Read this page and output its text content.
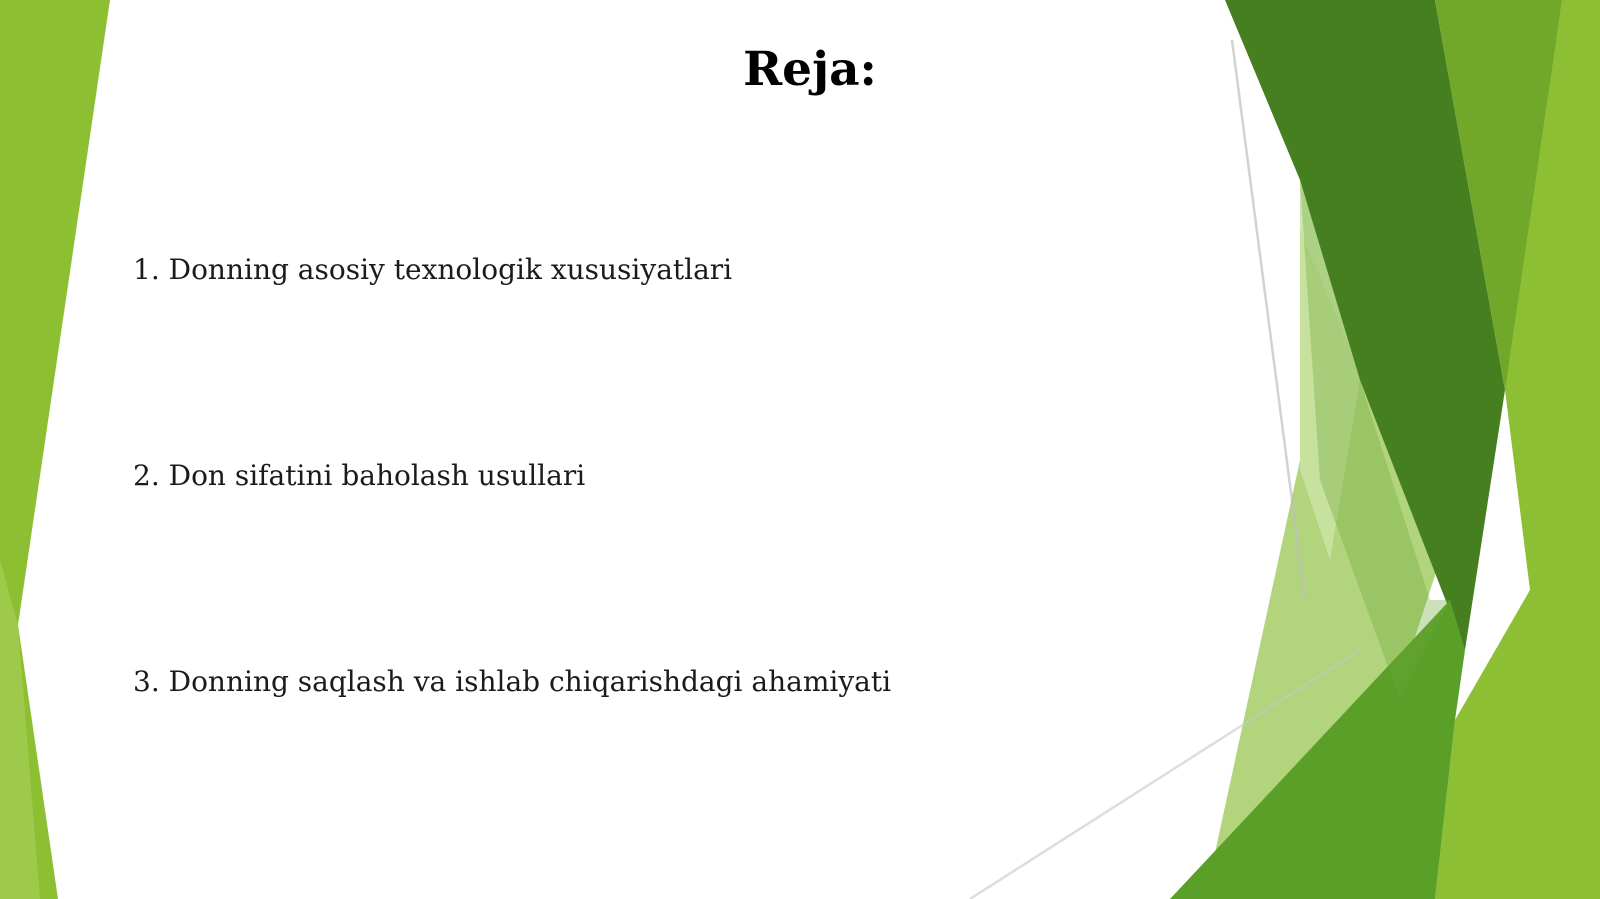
Reja:

1. Donning asosiy texnologik xususiyatlari

2. Don sifatini baholash usullari

3. Donning saqlash va ishlab chiqarishdagi ahamiyati
